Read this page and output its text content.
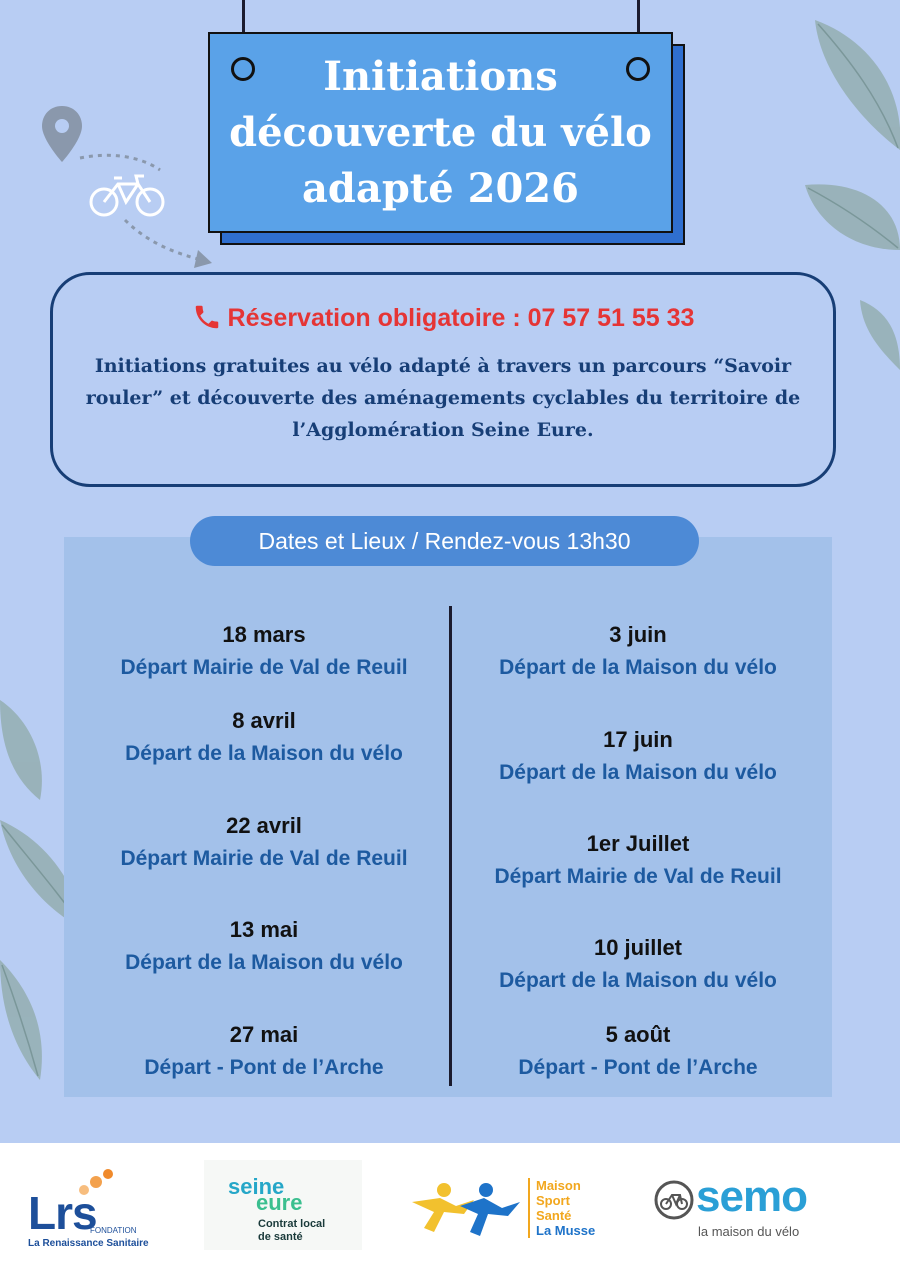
Initiations découverte du vélo adapté 2026
Réservation obligatoire : 07 57 51 55 33
Initiations gratuites au vélo adapté à travers un parcours “Savoir rouler” et découverte des aménagements cyclables du territoire de l’Agglomération Seine Eure.
Dates et Lieux / Rendez-vous 13h30
18 mars
Départ Mairie de Val de Reuil
8 avril
Départ de la Maison du vélo
22 avril
Départ Mairie de Val de Reuil
13 mai
Départ de la Maison du vélo
27 mai
Départ - Pont de l’Arche
3 juin
Départ de la Maison du vélo
17 juin
Départ de la Maison du vélo
1er Juillet
Départ Mairie de Val de Reuil
10 juillet
Départ de la Maison du vélo
5 août
Départ - Pont de l’Arche
Lrs
FONDATION
La Renaissance Sanitaire
seine
eure
Contrat local
de santé
Maison
Sport
Santé
La Musse
semo
la maison du vélo
